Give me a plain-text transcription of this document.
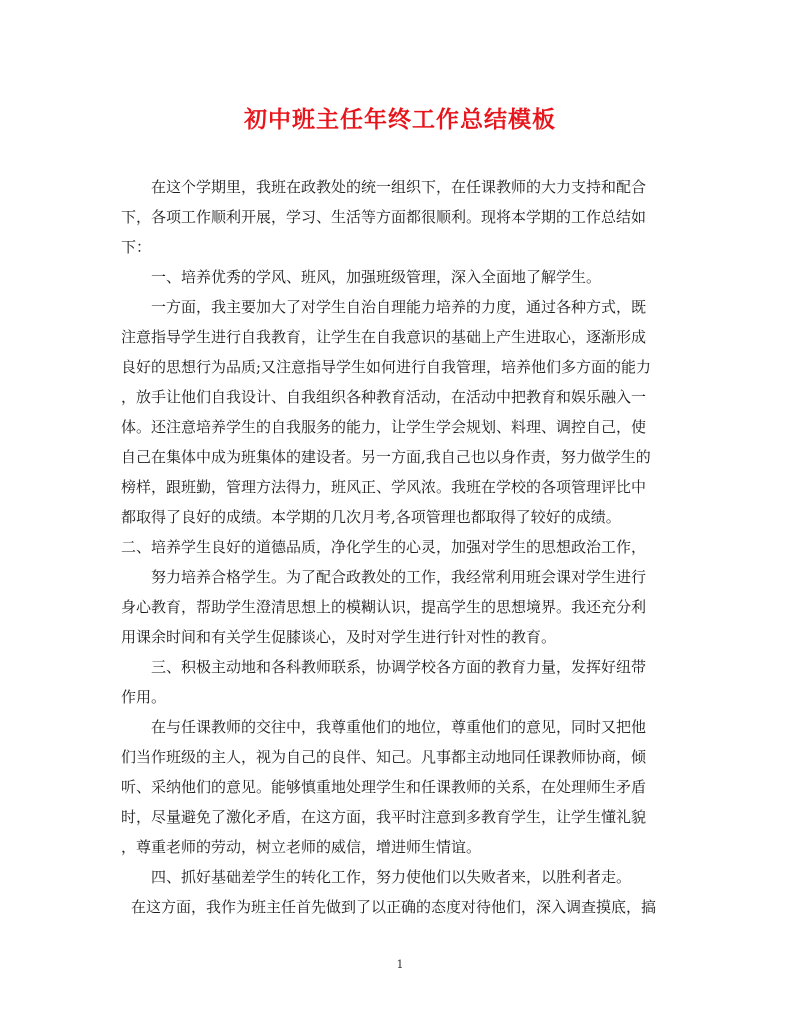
初中班主任年终工作总结模板
在这个学期里，我班在政教处的统一组织下，在任课教师的大力支持和配合
下，各项工作顺利开展，学习、生活等方面都很顺利。现将本学期的工作总结如
下：
一、培养优秀的学风、班风，加强班级管理，深入全面地了解学生。
一方面，我主要加大了对学生自治自理能力培养的力度，通过各种方式，既
注意指导学生进行自我教育，让学生在自我意识的基础上产生进取心，逐渐形成
良好的思想行为品质;又注意指导学生如何进行自我管理，培养他们多方面的能力
，放手让他们自我设计、自我组织各种教育活动，在活动中把教育和娱乐融入一
体。还注意培养学生的自我服务的能力，让学生学会规划、料理、调控自己，使
自己在集体中成为班集体的建设者。另一方面,我自己也以身作责，努力做学生的
榜样，跟班勤，管理方法得力，班风正、学风浓。我班在学校的各项管理评比中
都取得了良好的成绩。本学期的几次月考,各项管理也都取得了较好的成绩。
二、培养学生良好的道德品质，净化学生的心灵，加强对学生的思想政治工作，
努力培养合格学生。为了配合政教处的工作，我经常利用班会课对学生进行
身心教育，帮助学生澄清思想上的模糊认识，提高学生的思想境界。我还充分利
用课余时间和有关学生促膝谈心，及时对学生进行针对性的教育。
三、积极主动地和各科教师联系，协调学校各方面的教育力量，发挥好纽带
作用。
在与任课教师的交往中，我尊重他们的地位，尊重他们的意见，同时又把他
们当作班级的主人，视为自己的良伴、知己。凡事都主动地同任课教师协商，倾
听、采纳他们的意见。能够慎重地处理学生和任课教师的关系，在处理师生矛盾
时，尽量避免了激化矛盾，在这方面，我平时注意到多教育学生，让学生懂礼貌
，尊重老师的劳动，树立老师的威信，增进师生情谊。
四、抓好基础差学生的转化工作，努力使他们以失败者来，以胜利者走。
在这方面，我作为班主任首先做到了以正确的态度对待他们，深入调查摸底，搞
1
